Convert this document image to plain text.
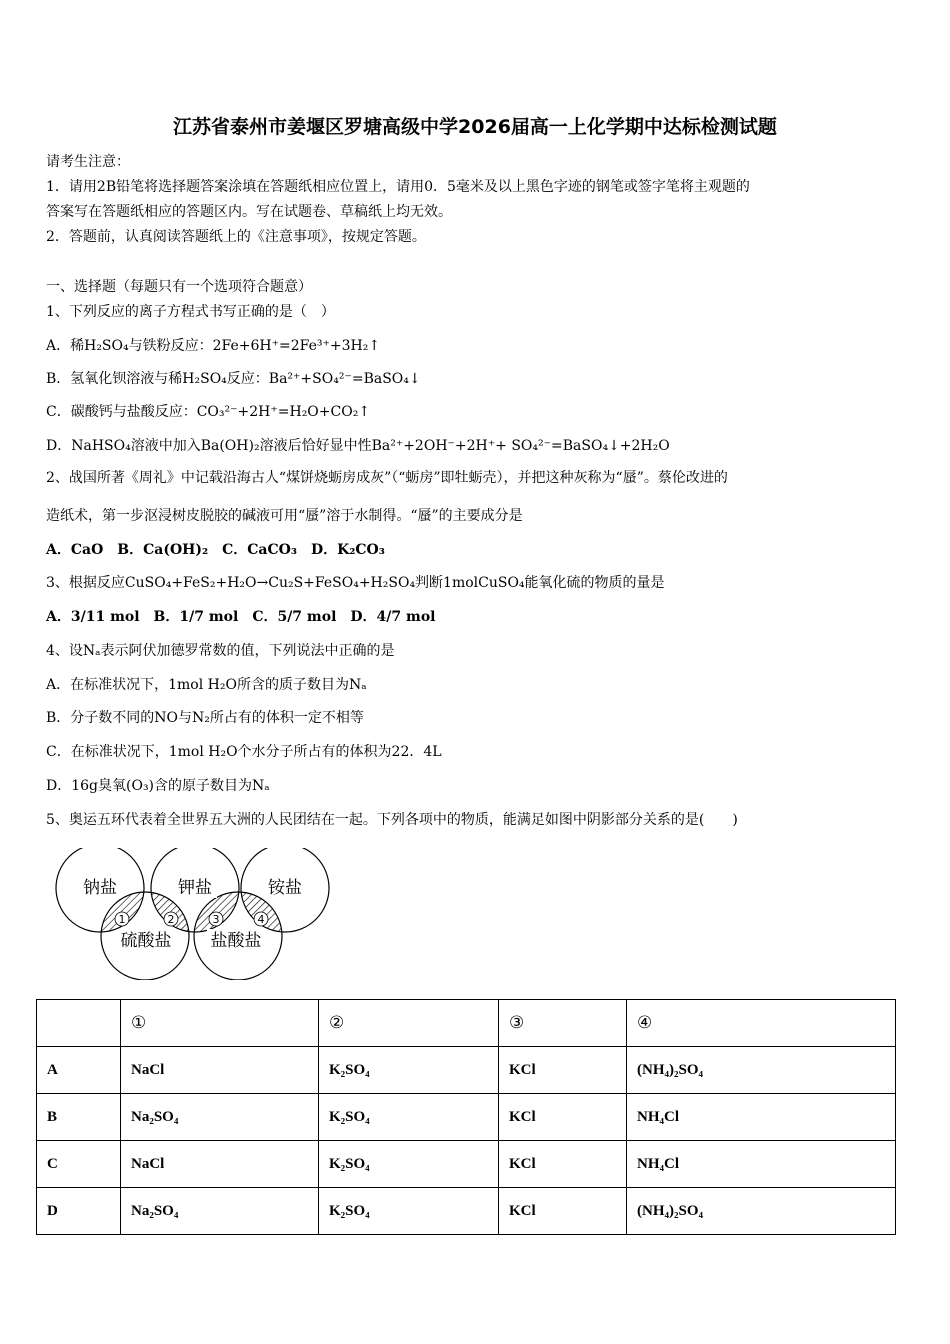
江苏省泰州市姜堰区罗塘高级中学2026届高一上化学期中达标检测试题
请考生注意：
1．请用2B铅笔将选择题答案涂填在答题纸相应位置上，请用0．5毫米及以上黑色字迹的钢笔或签字笔将主观题的
答案写在答题纸相应的答题区内。写在试题卷、草稿纸上均无效。
2．答题前，认真阅读答题纸上的《注意事项》，按规定答题。
一、选择题（每题只有一个选项符合题意）
1、下列反应的离子方程式书写正确的是（　）
A．稀H₂SO₄与铁粉反应：2Fe+6H⁺=2Fe³⁺+3H₂↑
B．氢氧化钡溶液与稀H₂SO₄反应：Ba²⁺+SO₄²⁻=BaSO₄↓
C．碳酸钙与盐酸反应：CO₃²⁻+2H⁺=H₂O+CO₂↑
D．NaHSO₄溶液中加入Ba(OH)₂溶液后恰好显中性Ba²⁺+2OH⁻+2H⁺+ SO₄²⁻=BaSO₄↓+2H₂O
2、战国所著《周礼》中记载沿海古人“煤饼烧蛎房成灰”（“蛎房”即牡蛎壳），并把这种灰称为“蜃”。蔡伦改进的
造纸术，第一步沤浸树皮脱胶的碱液可用“蜃”溶于水制得。“蜃”的主要成分是
A．CaO　B．Ca(OH)₂　C．CaCO₃　D．K₂CO₃
3、根据反应CuSO₄+FeS₂+H₂O→Cu₂S+FeSO₄+H₂SO₄判断1molCuSO₄能氧化硫的物质的量是
A．3/11 mol　B．1/7 mol　C．5/7 mol　D．4/7 mol
4、设Nₐ表示阿伏加德罗常数的值，下列说法中正确的是
A．在标准状况下，1mol H₂O所含的质子数目为Nₐ
B．分子数不同的NO与N₂所占有的体积一定不相等
C．在标准状况下，1mol H₂O个水分子所占有的体积为22．4L
D．16g臭氧(O₃)含的原子数目为Nₐ
5、奥运五环代表着全世界五大洲的人民团结在一起。下列各项中的物质，能满足如图中阴影部分关系的是(　　)
钠盐	钾盐	铵盐
硫酸盐 盐酸盐
1	2	3	4
	①	②	③	④
A	NaCl	K₂SO₄	KCl	(NH₄)₂SO₄
B	Na₂SO₄	K₂SO₄	KCl	NH₄Cl
C	NaCl	K₂SO₄	KCl	NH₄Cl
D	Na₂SO₄	K₂SO₄	KCl	(NH₄)₂SO₄
